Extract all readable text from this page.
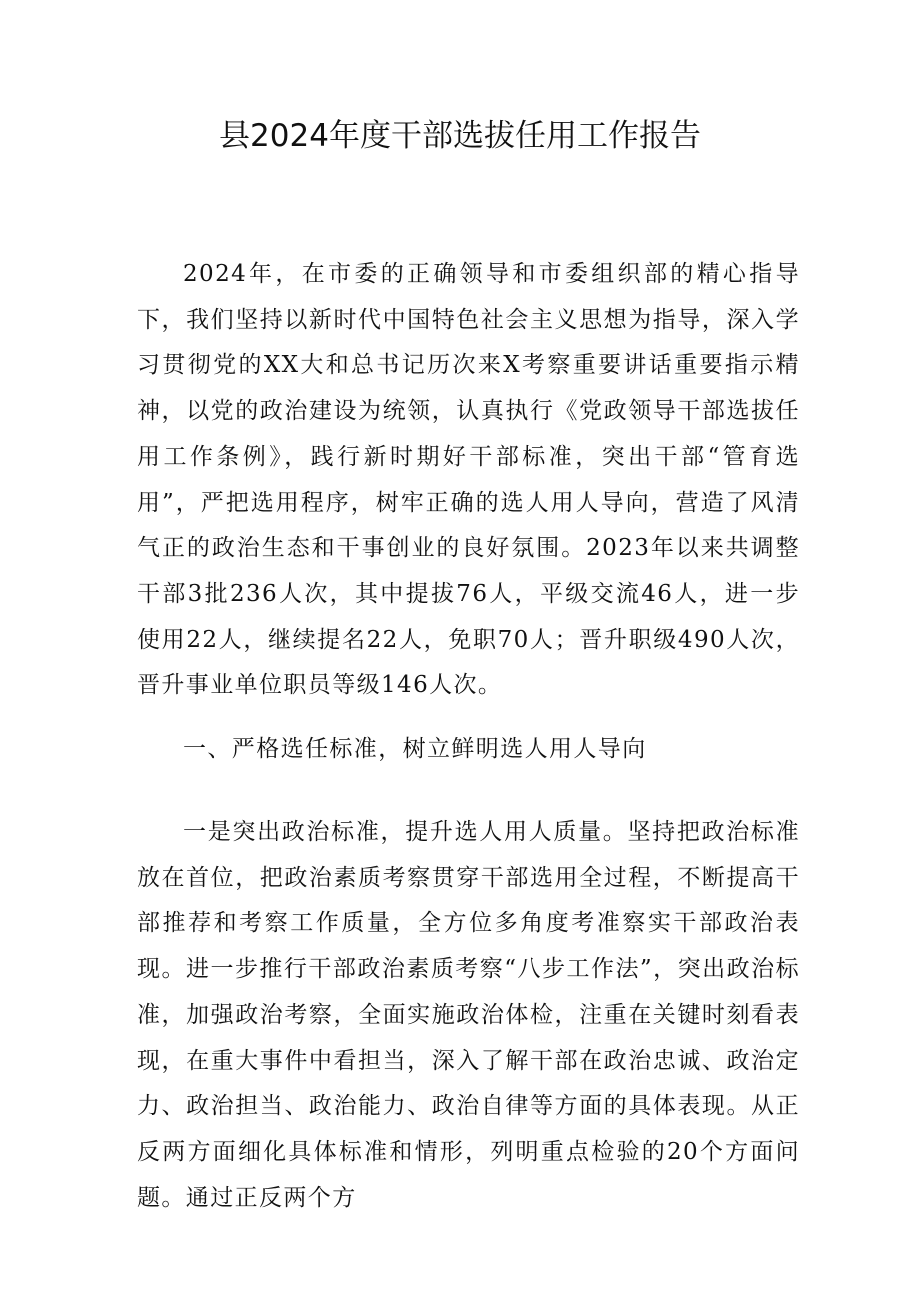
县2024年度干部选拔任用工作报告

2024年，在市委的正确领导和市委组织部的精心指导下，我们坚持以新时代中国特色社会主义思想为指导，深入学习贯彻党的XX大和总书记历次来X考察重要讲话重要指示精神，以党的政治建设为统领，认真执行《党政领导干部选拔任用工作条例》，践行新时期好干部标准，突出干部“管育选用”，严把选用程序，树牢正确的选人用人导向，营造了风清气正的政治生态和干事创业的良好氛围。2023年以来共调整干部3批236人次，其中提拔76人，平级交流46人，进一步使用22人，继续提名22人，免职70人；晋升职级490人次，晋升事业单位职员等级146人次。

一、严格选任标准，树立鲜明选人用人导向

一是突出政治标准，提升选人用人质量。坚持把政治标准放在首位，把政治素质考察贯穿干部选用全过程，不断提高干部推荐和考察工作质量，全方位多角度考准察实干部政治表现。进一步推行干部政治素质考察“八步工作法”，突出政治标准，加强政治考察，全面实施政治体检，注重在关键时刻看表现，在重大事件中看担当，深入了解干部在政治忠诚、政治定力、政治担当、政治能力、政治自律等方面的具体表现。从正反两方面细化具体标准和情形，列明重点检验的20个方面问题。通过正反两个方
